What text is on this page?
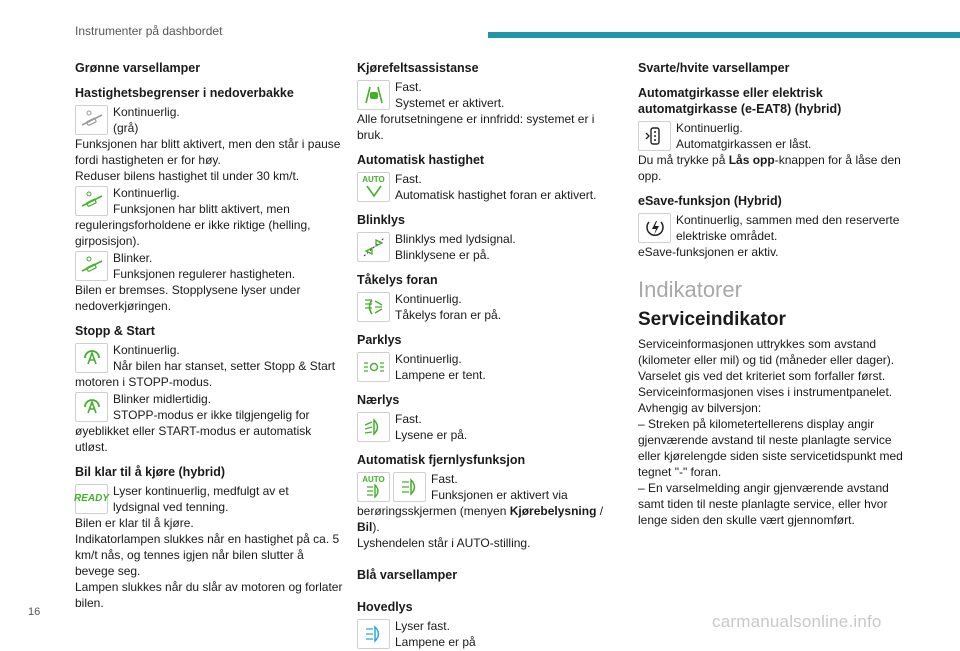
Instrumenter på dashbordet
Grønne varsellamper
Hastighetsbegrenser i nedoverbakke
Kontinuerlig.
(grå)
Funksjonen har blitt aktivert, men den står i pause fordi hastigheten er for høy.
Reduser bilens hastighet til under 30 km/t.
Kontinuerlig.
Funksjonen har blitt aktivert, men
reguleringsforholdene er ikke riktige (helling, girposisjon).
Blinker.
Funksjonen regulerer hastigheten.
Bilen er bremses. Stopplysene lyser under nedoverkjøringen.
Stopp & Start
Kontinuerlig.
Når bilen har stanset, setter Stopp & Start
motoren i STOPP-modus.
Blinker midlertidig.
STOPP-modus er ikke tilgjengelig for
øyeblikket eller START-modus er automatisk utløst.
Bil klar til å kjøre (hybrid)
READY
Lyser kontinuerlig, medfulgt av et
lydsignal ved tenning.
Bilen er klar til å kjøre.
Indikatorlampen slukkes når en hastighet på ca. 5 km/t nås, og tennes igjen når bilen slutter å bevege seg.
Lampen slukkes når du slår av motoren og forlater bilen.
Kjørefeltsassistanse
Fast.
Systemet er aktivert.
Alle forutsetningene er innfridd: systemet er i bruk.
Automatisk hastighet
AUTO Fast.
Automatisk hastighet foran er aktivert.
Blinklys
Blinklys med lydsignal.
Blinklysene er på.
Tåkelys foran
Kontinuerlig.
Tåkelys foran er på.
Parklys
Kontinuerlig.
Lampene er tent.
Nærlys
Fast.
Lysene er på.
Automatisk fjernlysfunksjon
AUTO	Fast.
Funksjonen er aktivert via
berøringsskjermen (menyen Kjørebelysning / Bil).
Lyshendelen står i AUTO-stilling.
Blå varsellamper
Hovedlys
Lyser fast.
Lampene er på
Svarte/hvite varsellamper
Automatgirkasse eller elektrisk automatgirkasse (e-EAT8) (hybrid)
Kontinuerlig.
Automatgirkassen er låst.
Du må trykke på Lås opp-knappen for å låse den opp.
eSave-funksjon (Hybrid)
Kontinuerlig, sammen med den reserverte
elektriske området.
eSave-funksjonen er aktiv.
Indikatorer
Serviceindikator
Serviceinformasjonen uttrykkes som avstand (kilometer eller mil) og tid (måneder eller dager).
Varselet gis ved det kriteriet som forfaller først.
Serviceinformasjonen vises i instrumentpanelet.
Avhengig av bilversjon:
– Streken på kilometertellerens display angir gjenværende avstand til neste planlagte service eller kjørelengde siden siste servicetidspunkt med tegnet "-" foran.
– En varselmelding angir gjenværende avstand samt tiden til neste planlagte service, eller hvor lenge siden den skulle vært gjennomført.
16	carmanualsonline.info
